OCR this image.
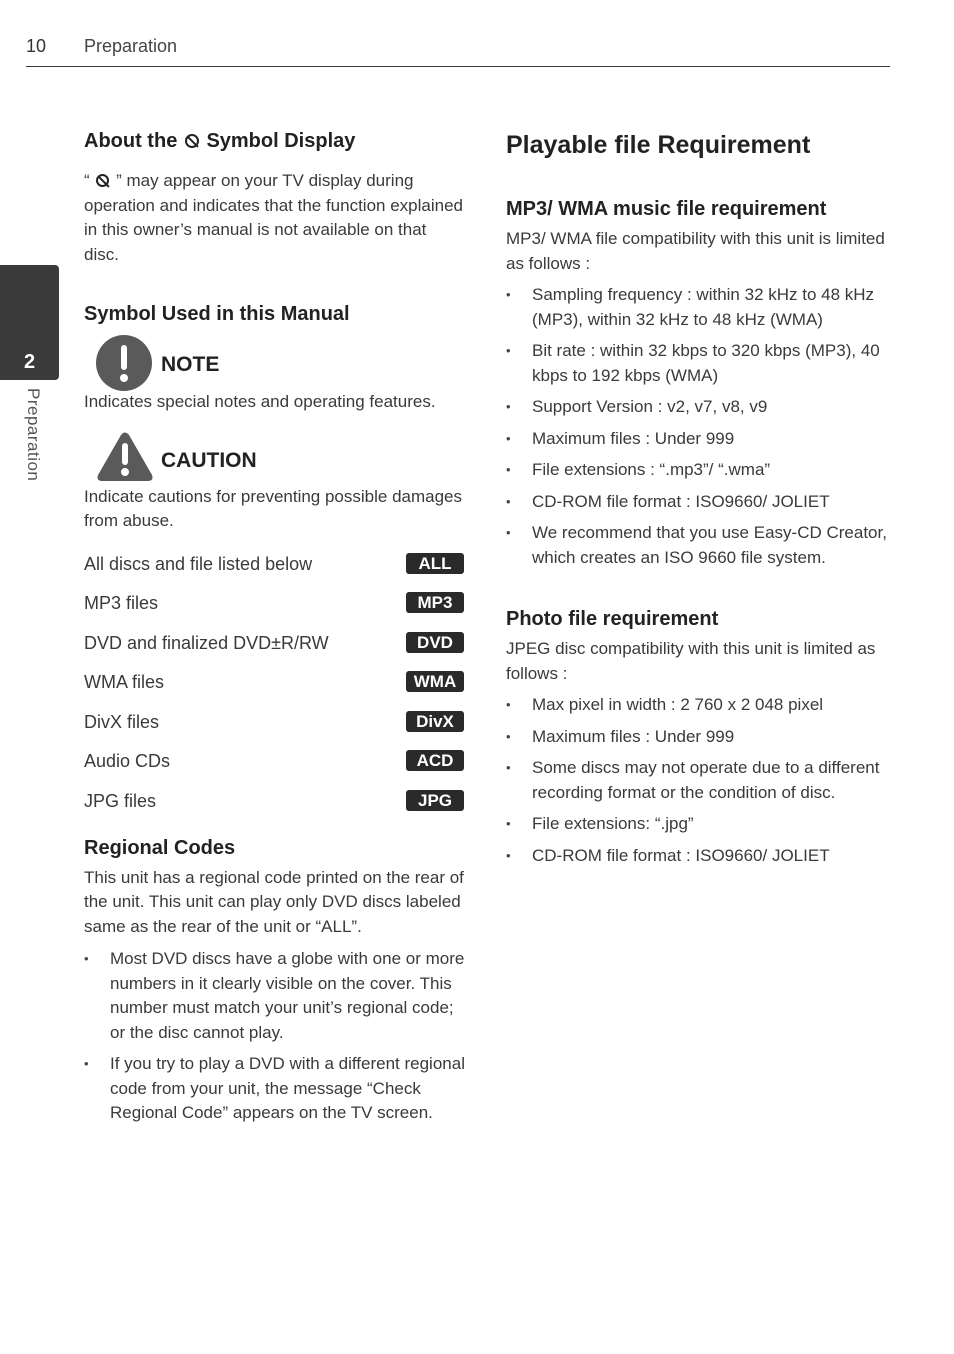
10 Preparation
2
Preparation
About the Symbol Display

“ ” may appear on your TV display during operation and indicates that the function explained in this owner’s manual is not available on that disc.

Symbol Used in this Manual
NOTE

Indicates special notes and operating features.

CAUTION

Indicate cautions for preventing possible damages from abuse.

All discs and file listed below	ALL
MP3 files	MP3
DVD and finalized DVD±R/RW	DVD
WMA files	WMA
DivX files	DivX
Audio CDs	ACD
JPG files	JPG
Regional Codes

This unit has a regional code printed on the rear of the unit. This unit can play only DVD discs labeled same as the rear of the unit or “ALL”.

• Most DVD discs have a globe with one or more numbers in it clearly visible on the cover. This number must match your unit’s regional code; or the disc cannot play.
• If you try to play a DVD with a different regional code from your unit, the message “Check Regional Code” appears on the TV screen.
Playable file Requirement
MP3/ WMA music file requirement

MP3/ WMA file compatibility with this unit is limited as follows :

• Sampling frequency : within 32 kHz to 48 kHz (MP3), within 32 kHz to 48 kHz (WMA)
• Bit rate : within 32 kbps to 320 kbps (MP3), 40 kbps to 192 kbps (WMA)
• Support Version : v2, v7, v8, v9
• Maximum files : Under 999
• File extensions : “.mp3”/ “.wma”
• CD-ROM file format : ISO9660/ JOLIET
• We recommend that you use Easy-CD Creator, which creates an ISO 9660 file system.
Photo file requirement

JPEG disc compatibility with this unit is limited as follows :

• Max pixel in width : 2 760 x 2 048 pixel
• Maximum files : Under 999
• Some discs may not operate due to a different recording format or the condition of disc.
• File extensions: “.jpg”
• CD-ROM file format : ISO9660/ JOLIET
